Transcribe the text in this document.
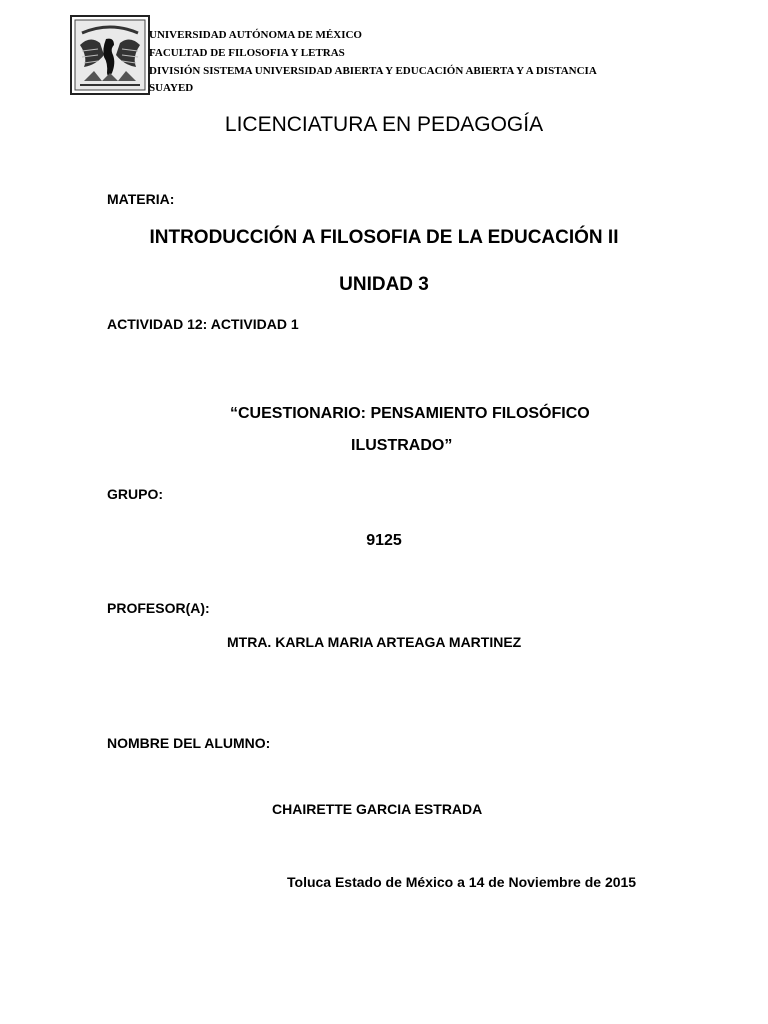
UNIVERSIDAD AUTÓNOMA DE MÉXICO
FACULTAD DE FILOSOFIA Y LETRAS
DIVISIÓN SISTEMA UNIVERSIDAD ABIERTA Y EDUCACIÓN ABIERTA Y A DISTANCIA
SUAYED
LICENCIATURA EN PEDAGOGÍA
MATERIA:
INTRODUCCIÓN A FILOSOFIA DE LA EDUCACIÓN II
UNIDAD 3
ACTIVIDAD 12: ACTIVIDAD 1
“CUESTIONARIO: PENSAMIENTO FILOSÓFICO
ILUSTRADO”
GRUPO:
9125
PROFESOR(A):
MTRA. KARLA MARIA ARTEAGA MARTINEZ
NOMBRE DEL ALUMNO:
CHAIRETTE GARCIA ESTRADA
Toluca Estado de México a 14 de Noviembre de 2015
